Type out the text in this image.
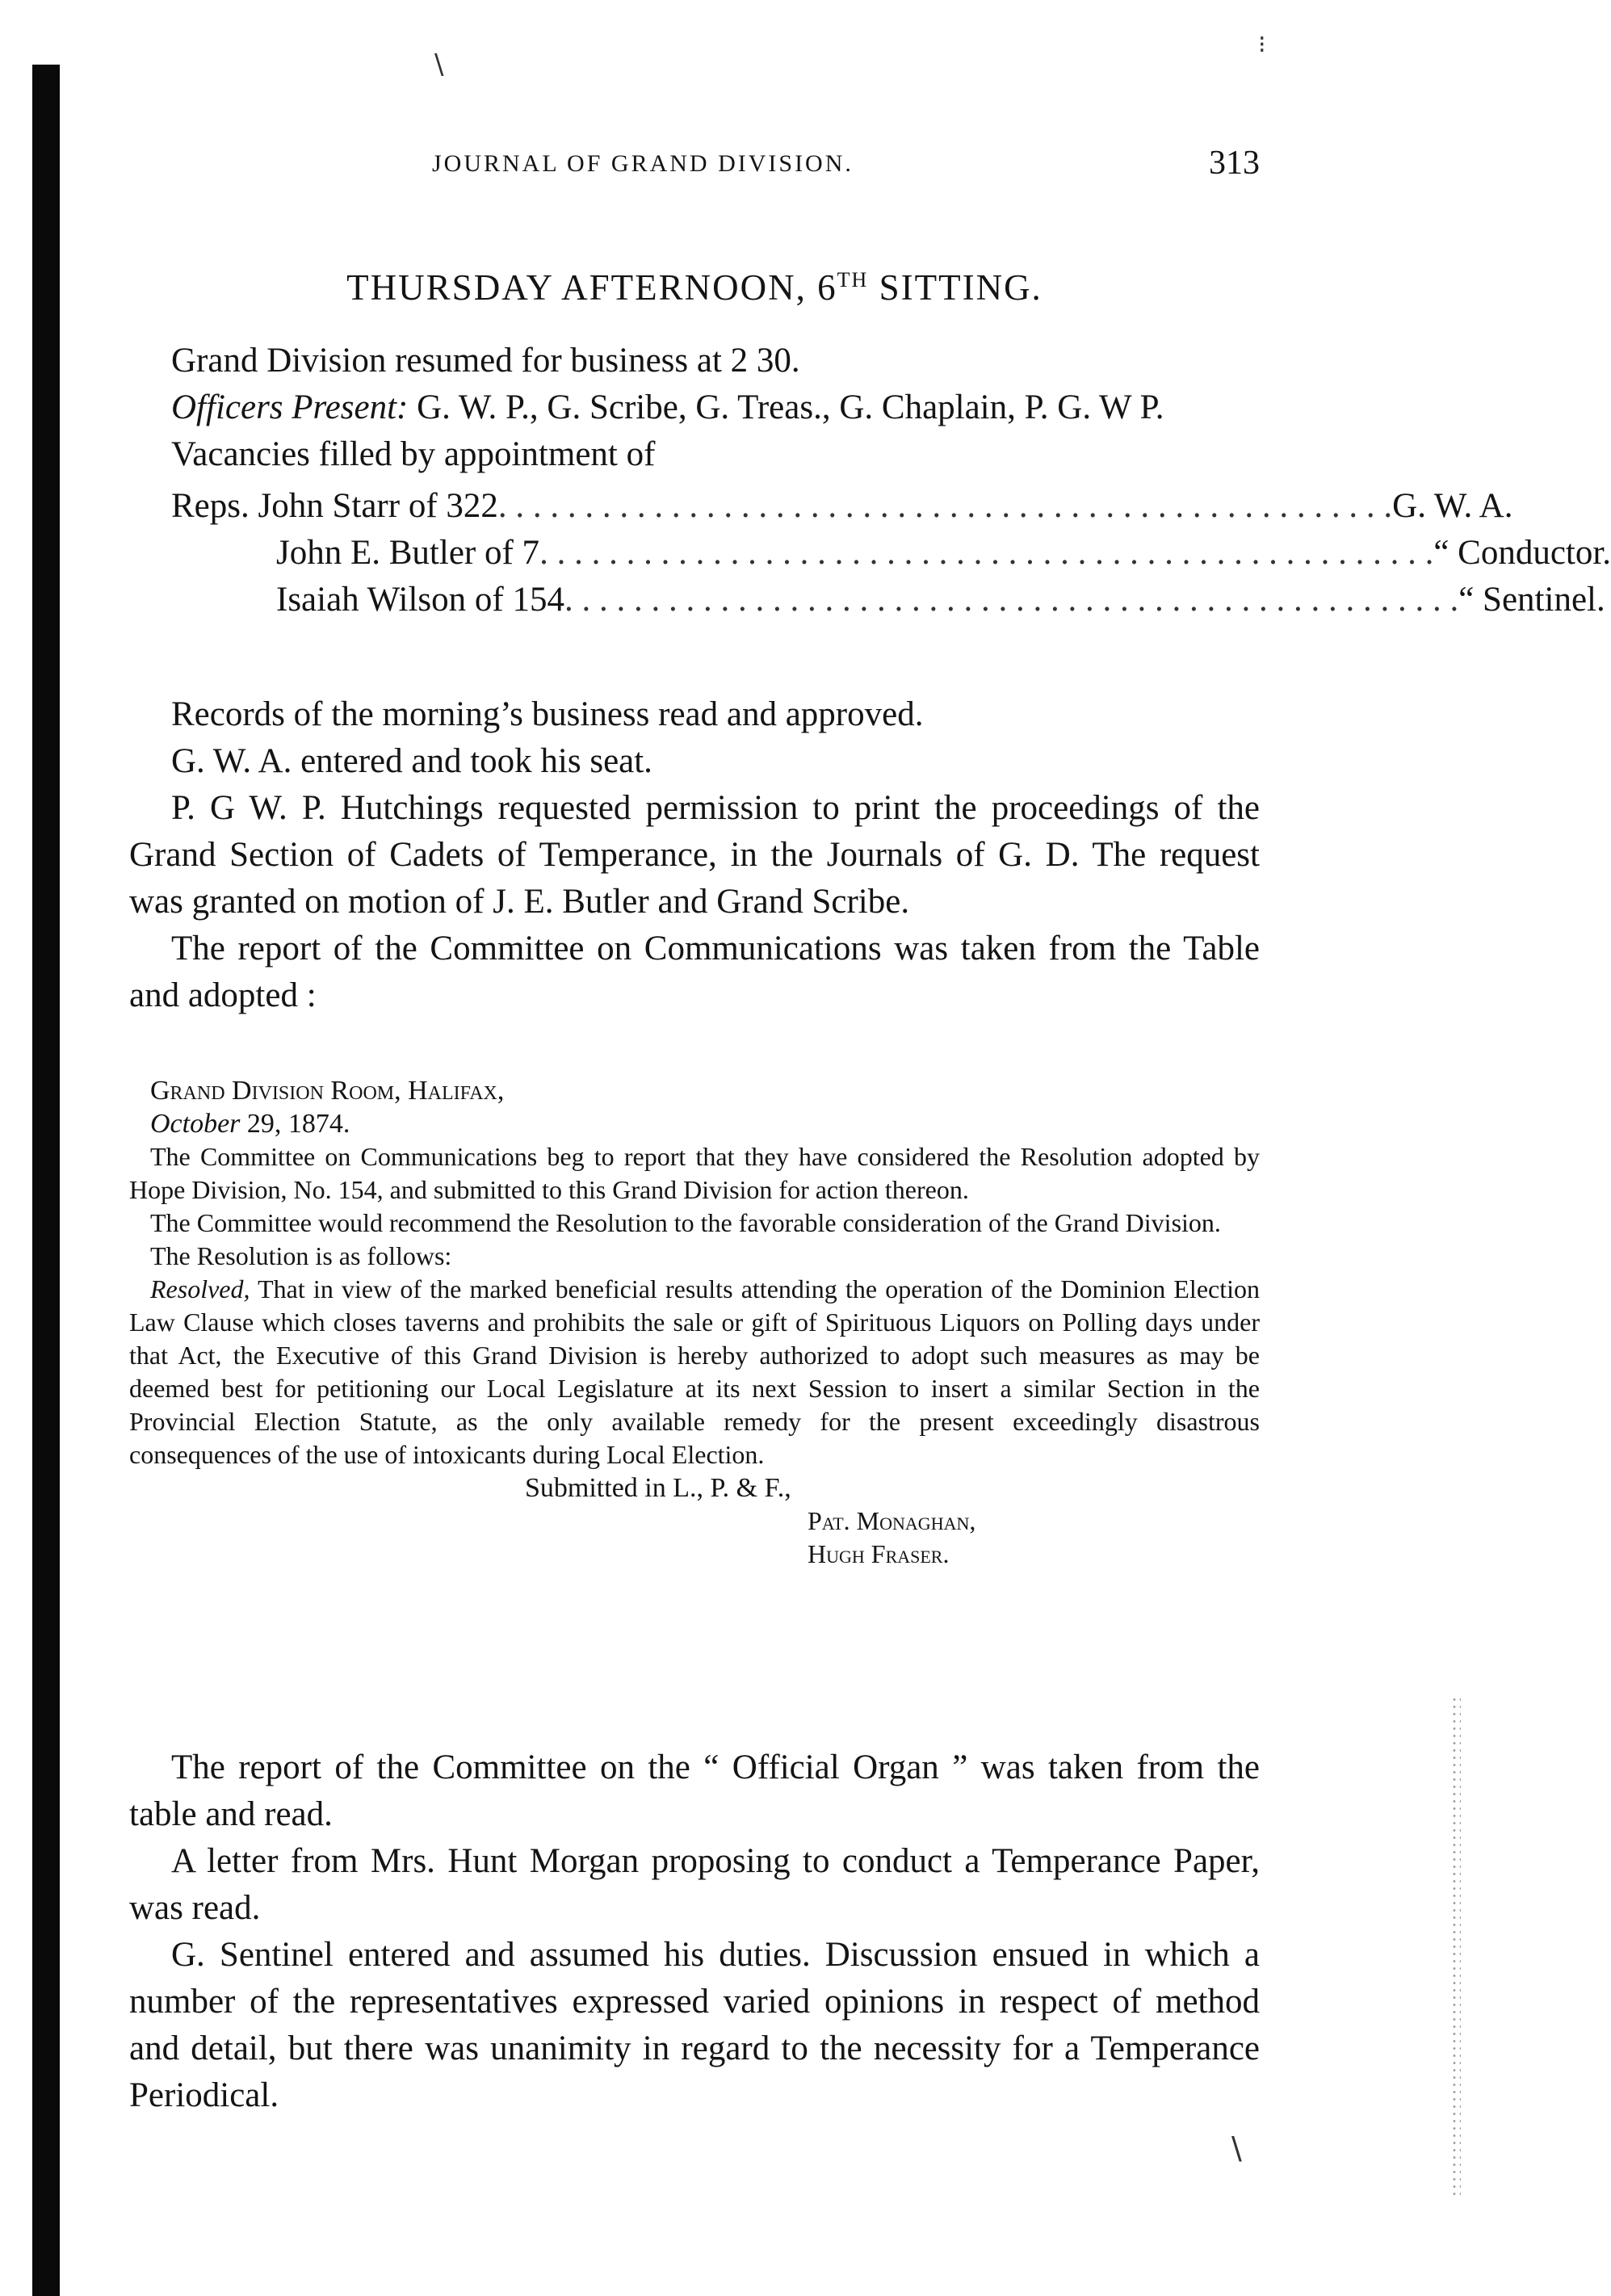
\
⁝
\
JOURNAL OF GRAND DIVISION.	313
THURSDAY AFTERNOON, 6TH SITTING.

Grand Division resumed for business at 2 30.

Officers Present: G. W. P., G. Scribe, G. Treas., G. Chaplain, P. G. W P.

Vacancies filled by appointment of

Reps. John Starr of 322 . . . . . . . . . . . . . . . . . . . . . . . . . . . . . . . . . . . . . . . . . . . . . . . . . . . . G. W. A.
John E. Butler of 7 . . . . . . . . . . . . . . . . . . . . . . . . . . . . . . . . . . . . . . . . . . . . . . . . . . . . “ Conductor.
Isaiah Wilson of 154 . . . . . . . . . . . . . . . . . . . . . . . . . . . . . . . . . . . . . . . . . . . . . . . . . . . . “ Sentinel.

Records of the morning’s business read and approved.

G. W. A. entered and took his seat.

P. G W. P. Hutchings requested permission to print the proceedings of the Grand Section of Cadets of Temperance, in the Journals of G. D. The request was granted on motion of J. E. Butler and Grand Scribe.

The report of the Committee on Communications was taken from the Table and adopted :

Grand Division Room, Halifax,

October 29, 1874.

The Committee on Communications beg to report that they have considered the Resolution adopted by Hope Division, No. 154, and submitted to this Grand Division for action thereon.

The Committee would recommend the Resolution to the favorable consideration of the Grand Division.

The Resolution is as follows:

Resolved, That in view of the marked beneficial results attending the operation of the Dominion Election Law Clause which closes taverns and prohibits the sale or gift of Spirituous Liquors on Polling days under that Act, the Executive of this Grand Division is hereby authorized to adopt such measures as may be deemed best for petitioning our Local Legislature at its next Session to insert a similar Section in the Provincial Election Statute, as the only available remedy for the present exceedingly disastrous consequences of the use of intoxicants during Local Election.

Submitted in L., P. & F.,

Pat. Monaghan,

Hugh Fraser.

The report of the Committee on the “ Official Organ ” was taken from the table and read.

A letter from Mrs. Hunt Morgan proposing to conduct a Temperance Paper, was read.

G. Sentinel entered and assumed his duties. Discussion ensued in which a number of the representatives expressed varied opinions in respect of method and detail, but there was unanimity in regard to the necessity for a Temperance Periodical.
